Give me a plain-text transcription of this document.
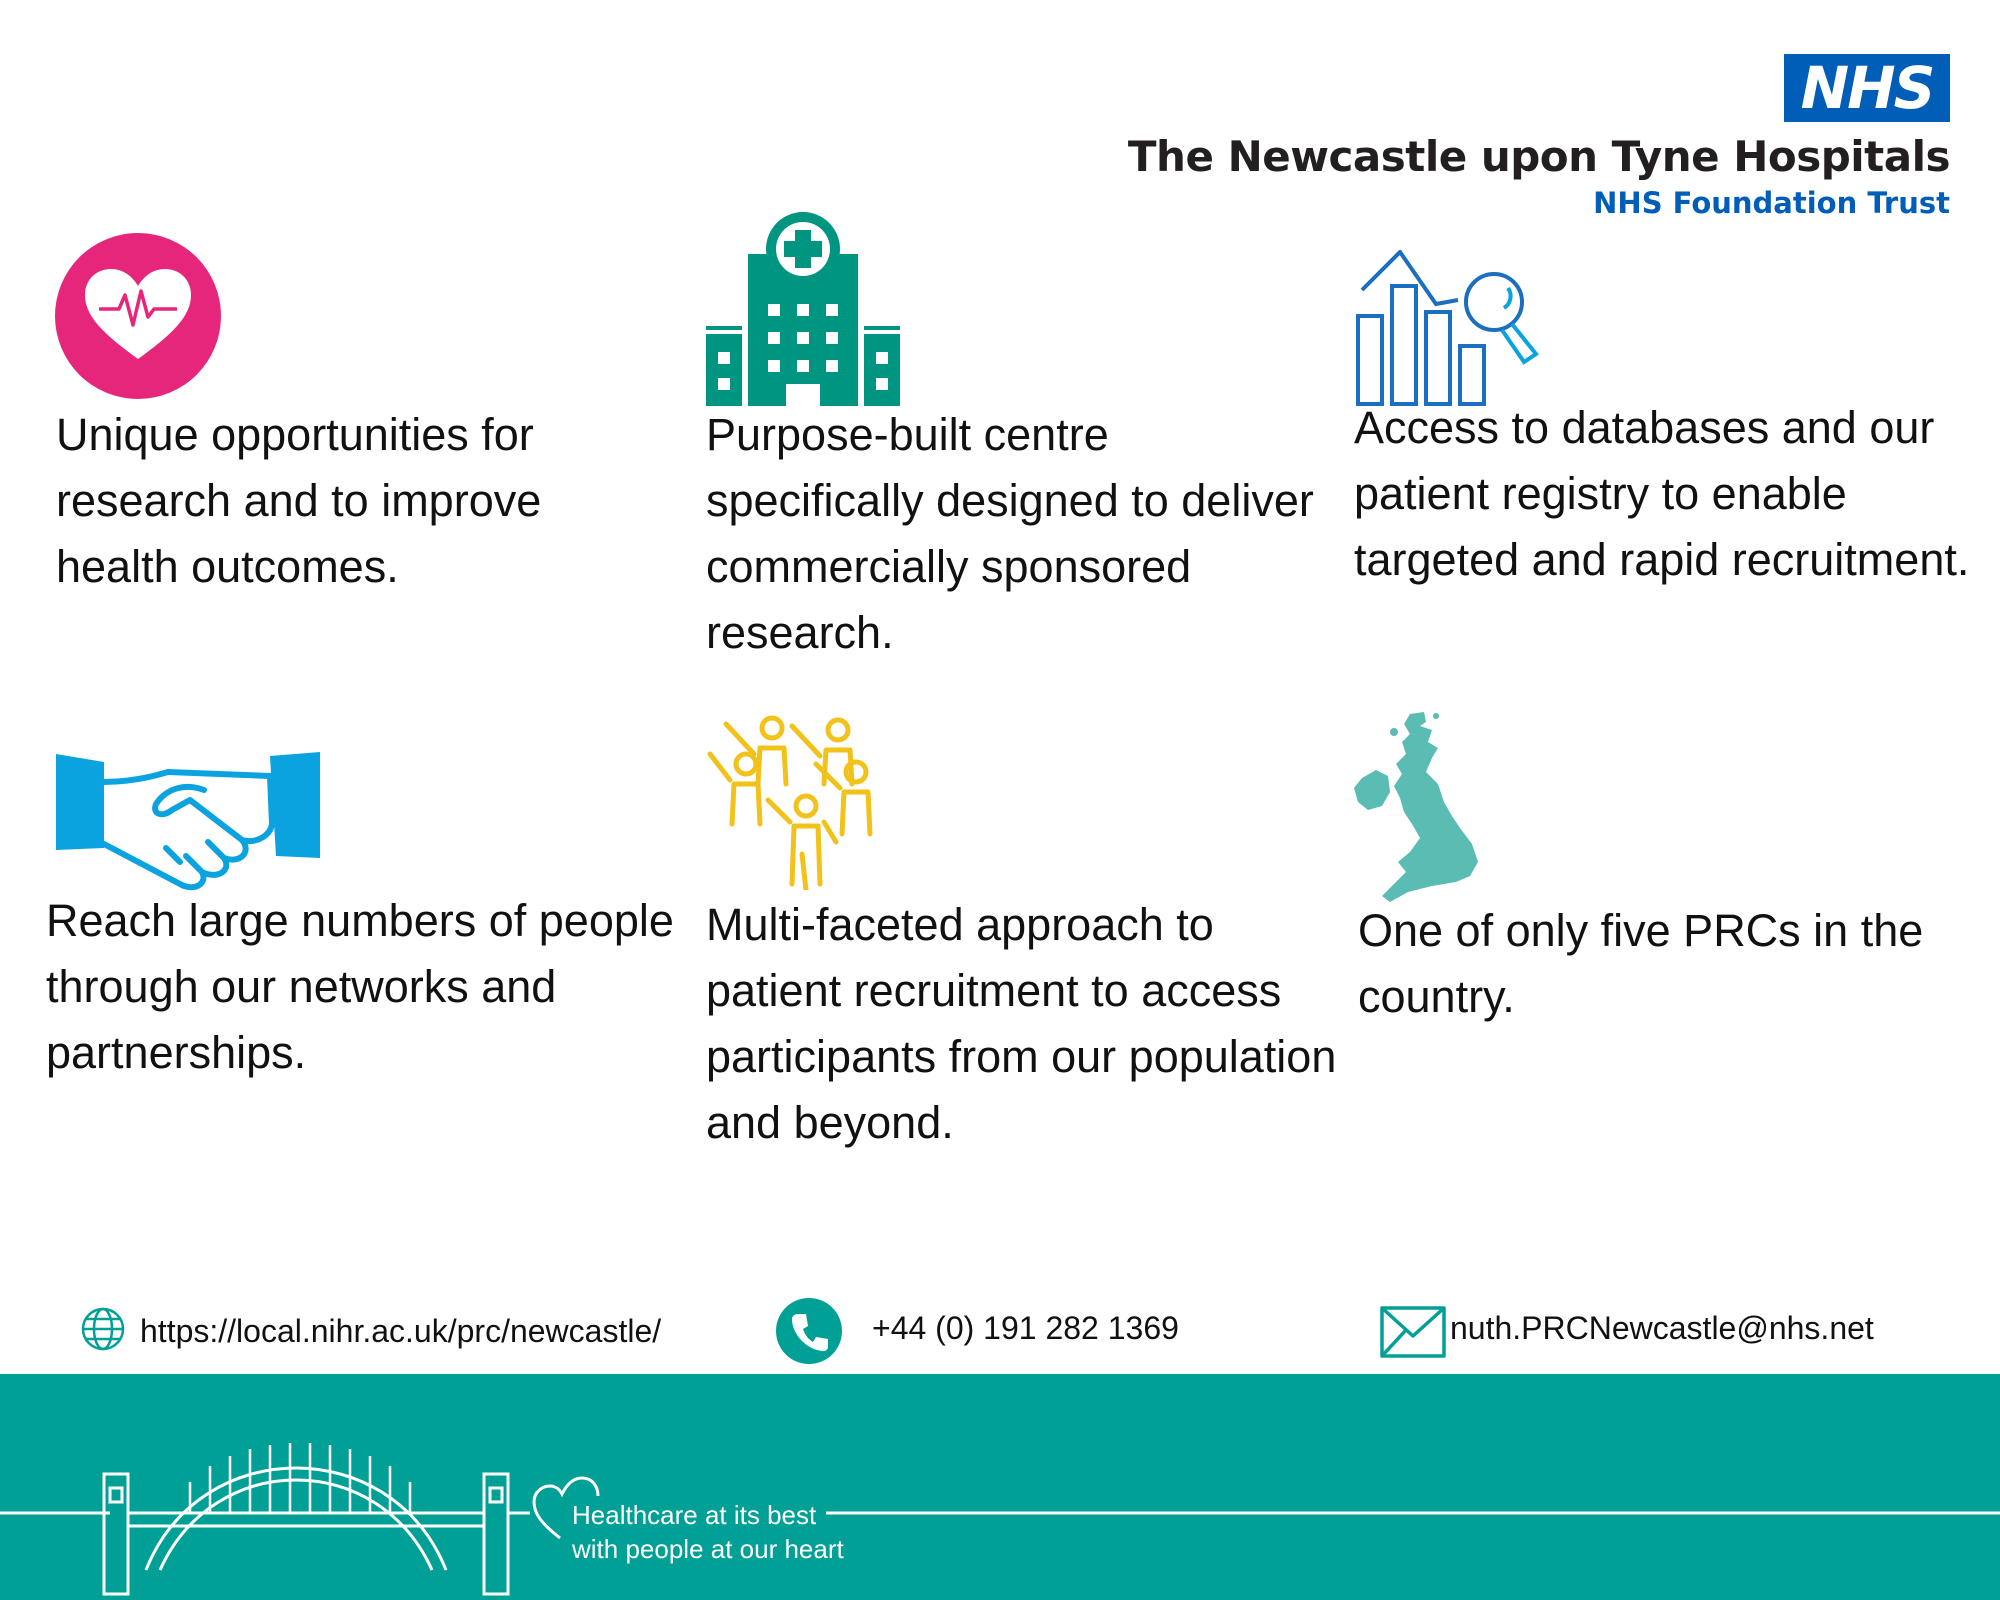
NHS
The Newcastle upon Tyne Hospitals
NHS Foundation Trust
Unique opportunities for research and to improve health outcomes.
Purpose-built centre specifically designed to deliver commercially sponsored research.
Access to databases and our patient registry to enable targeted and rapid recruitment.
Reach large numbers of people through our networks and partnerships.
Multi-faceted approach to patient recruitment to access participants from our population and beyond.
One of only five PRCs in the country.
https://local.nihr.ac.uk/prc/newcastle/	+44 (0) 191 282 1369	nuth.PRCNewcastle@nhs.net
Healthcare at its best
with people at our heart
